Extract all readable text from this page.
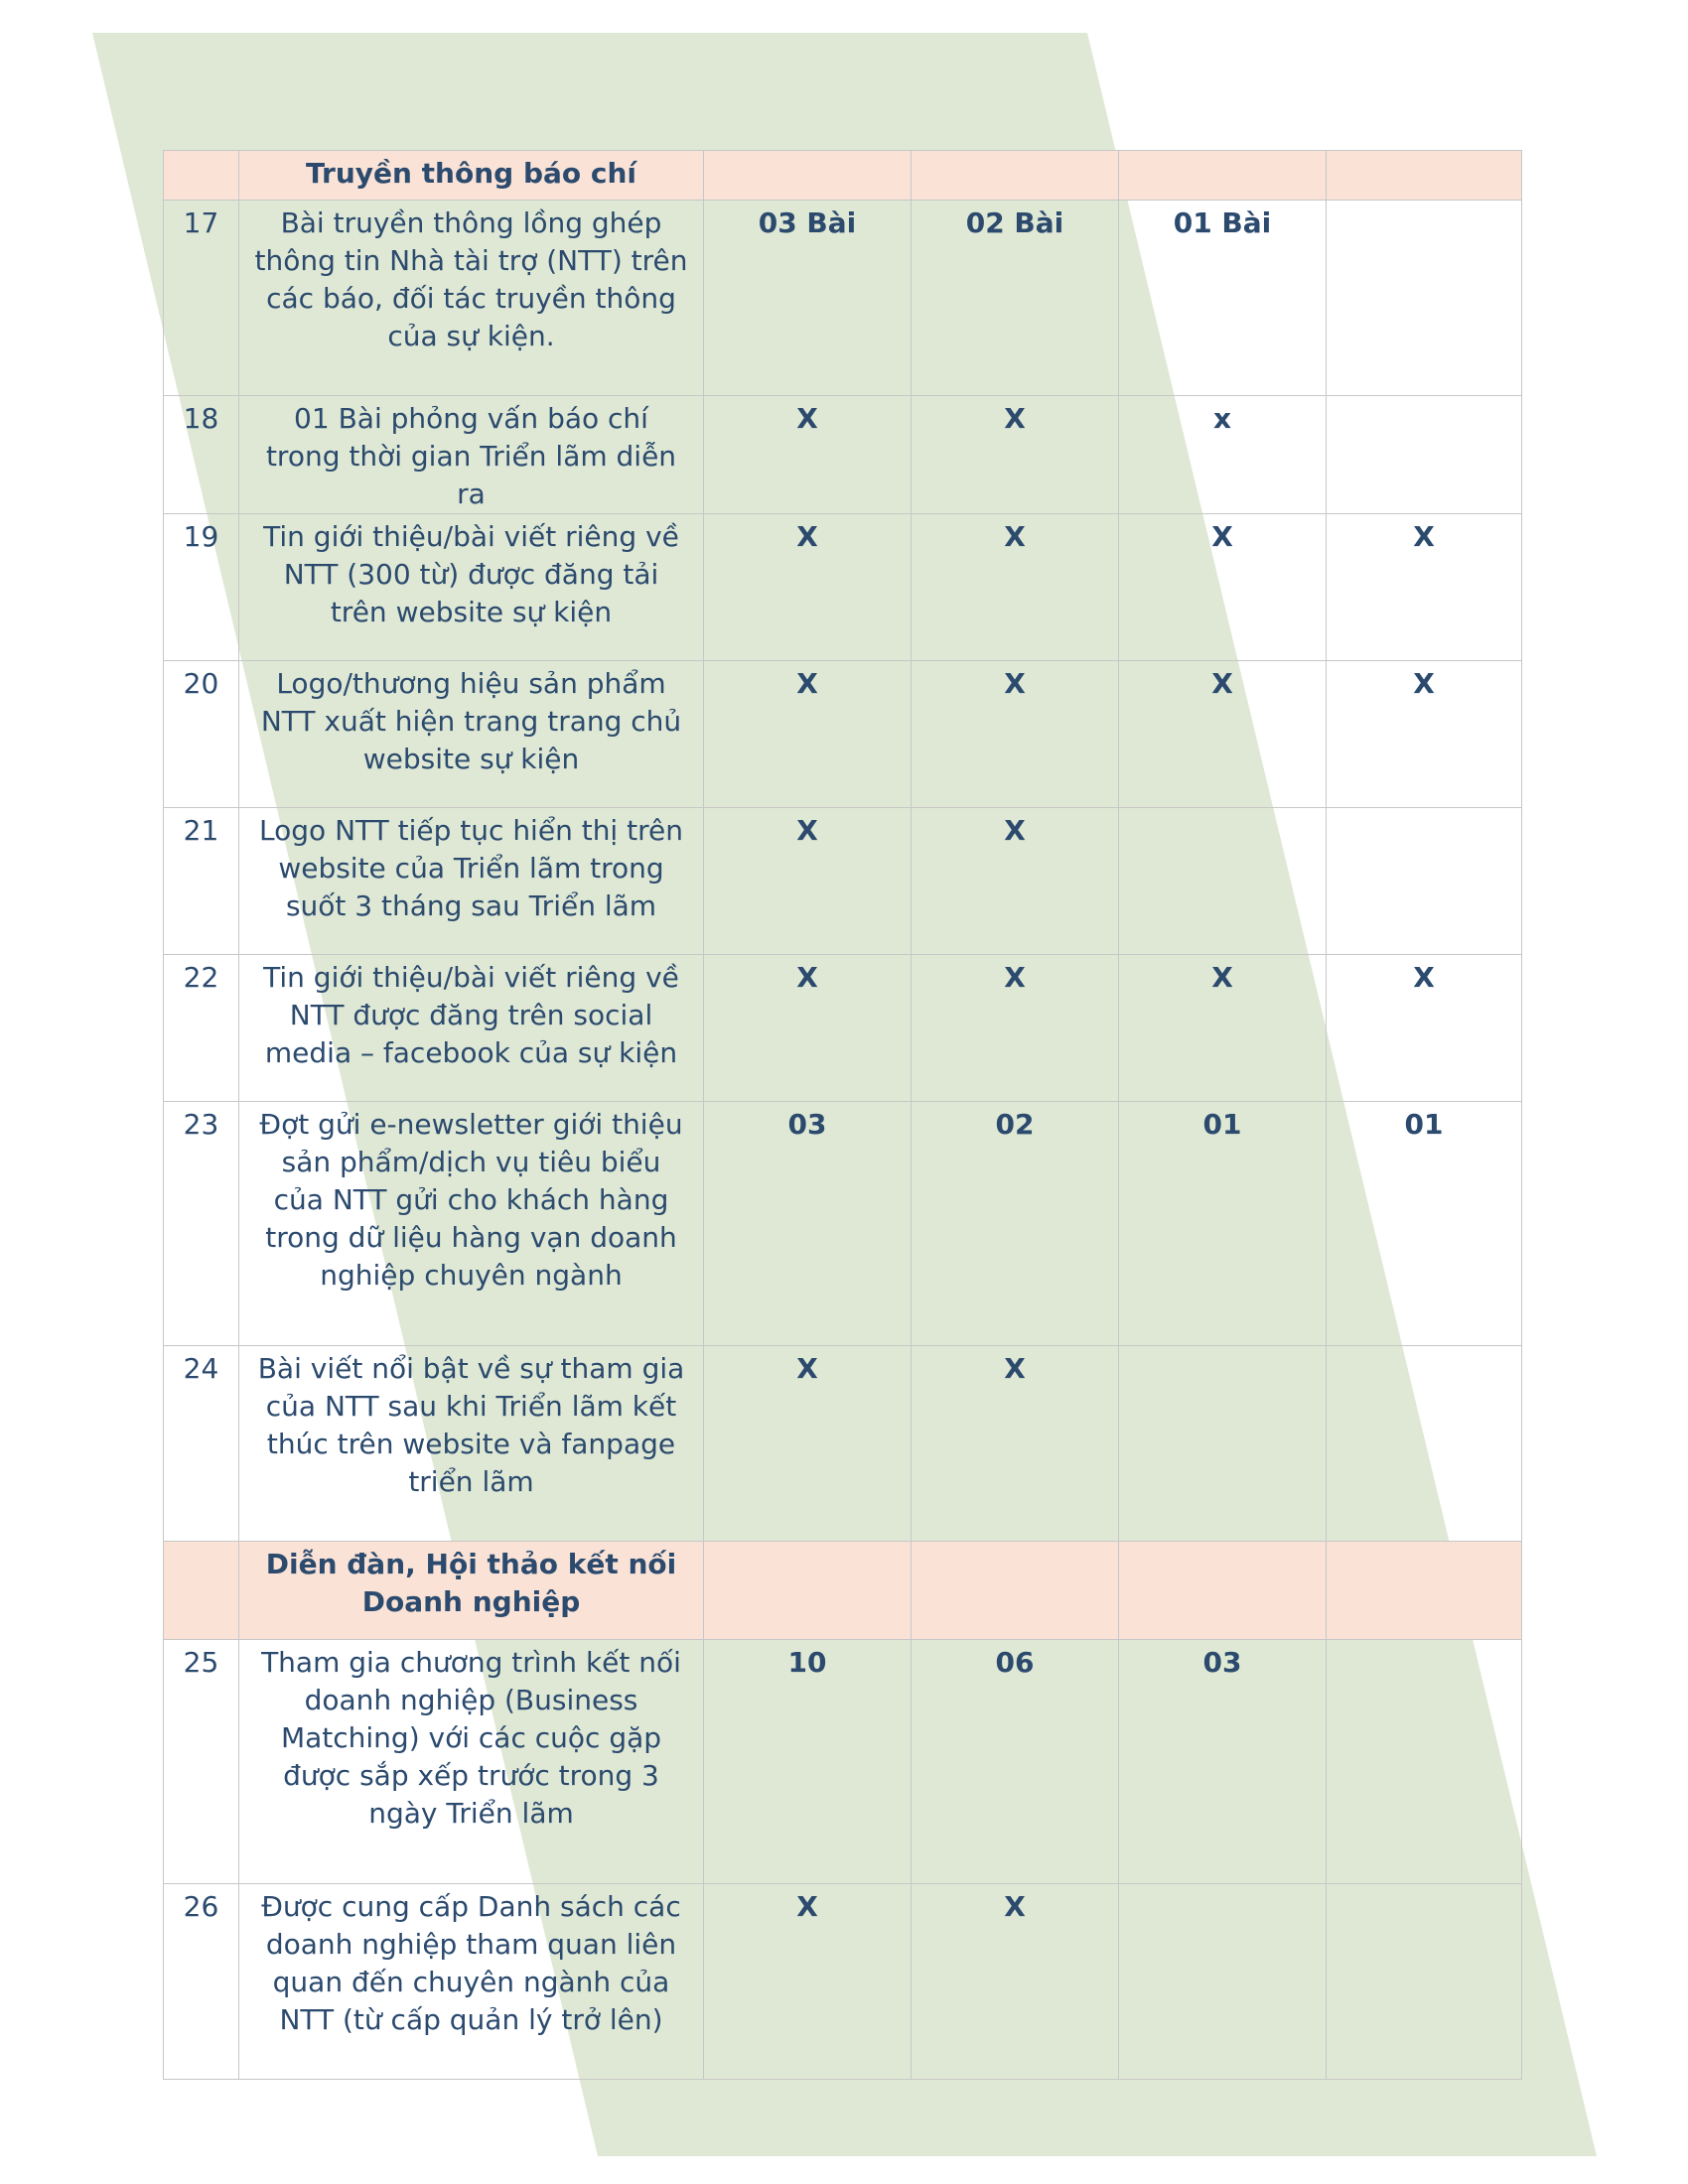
	Truyền thông báo chí				
17	Bài truyền thông lồng ghép thông tin Nhà tài trợ (NTT) trên các báo, đối tác truyền thông của sự kiện.	03 Bài	02 Bài	01 Bài	
18	01 Bài phỏng vấn báo chí trong thời gian Triển lãm diễn ra	X	X	x	
19	Tin giới thiệu/bài viết riêng về NTT (300 từ) được đăng tải trên website sự kiện	X	X	X	X
20	Logo/thương hiệu sản phẩm NTT xuất hiện trang trang chủ website sự kiện	X	X	X	X
21	Logo NTT tiếp tục hiển thị trên website của Triển lãm trong suốt 3 tháng sau Triển lãm	X	X		
22	Tin giới thiệu/bài viết riêng về NTT được đăng trên social media – facebook của sự kiện	X	X	X	X
23	Đợt gửi e-newsletter giới thiệu sản phẩm/dịch vụ tiêu biểu của NTT gửi cho khách hàng trong dữ liệu hàng vạn doanh nghiệp chuyên ngành	03	02	01	01
24	Bài viết nổi bật về sự tham gia của NTT sau khi Triển lãm kết thúc trên website và fanpage triển lãm	X	X		
	Diễn đàn, Hội thảo kết nối Doanh nghiệp				
25	Tham gia chương trình kết nối doanh nghiệp (Business Matching) với các cuộc gặp được sắp xếp trước trong 3 ngày Triển lãm	10	06	03	
26	Được cung cấp Danh sách các doanh nghiệp tham quan liên quan đến chuyên ngành của NTT (từ cấp quản lý trở lên)	X	X		
